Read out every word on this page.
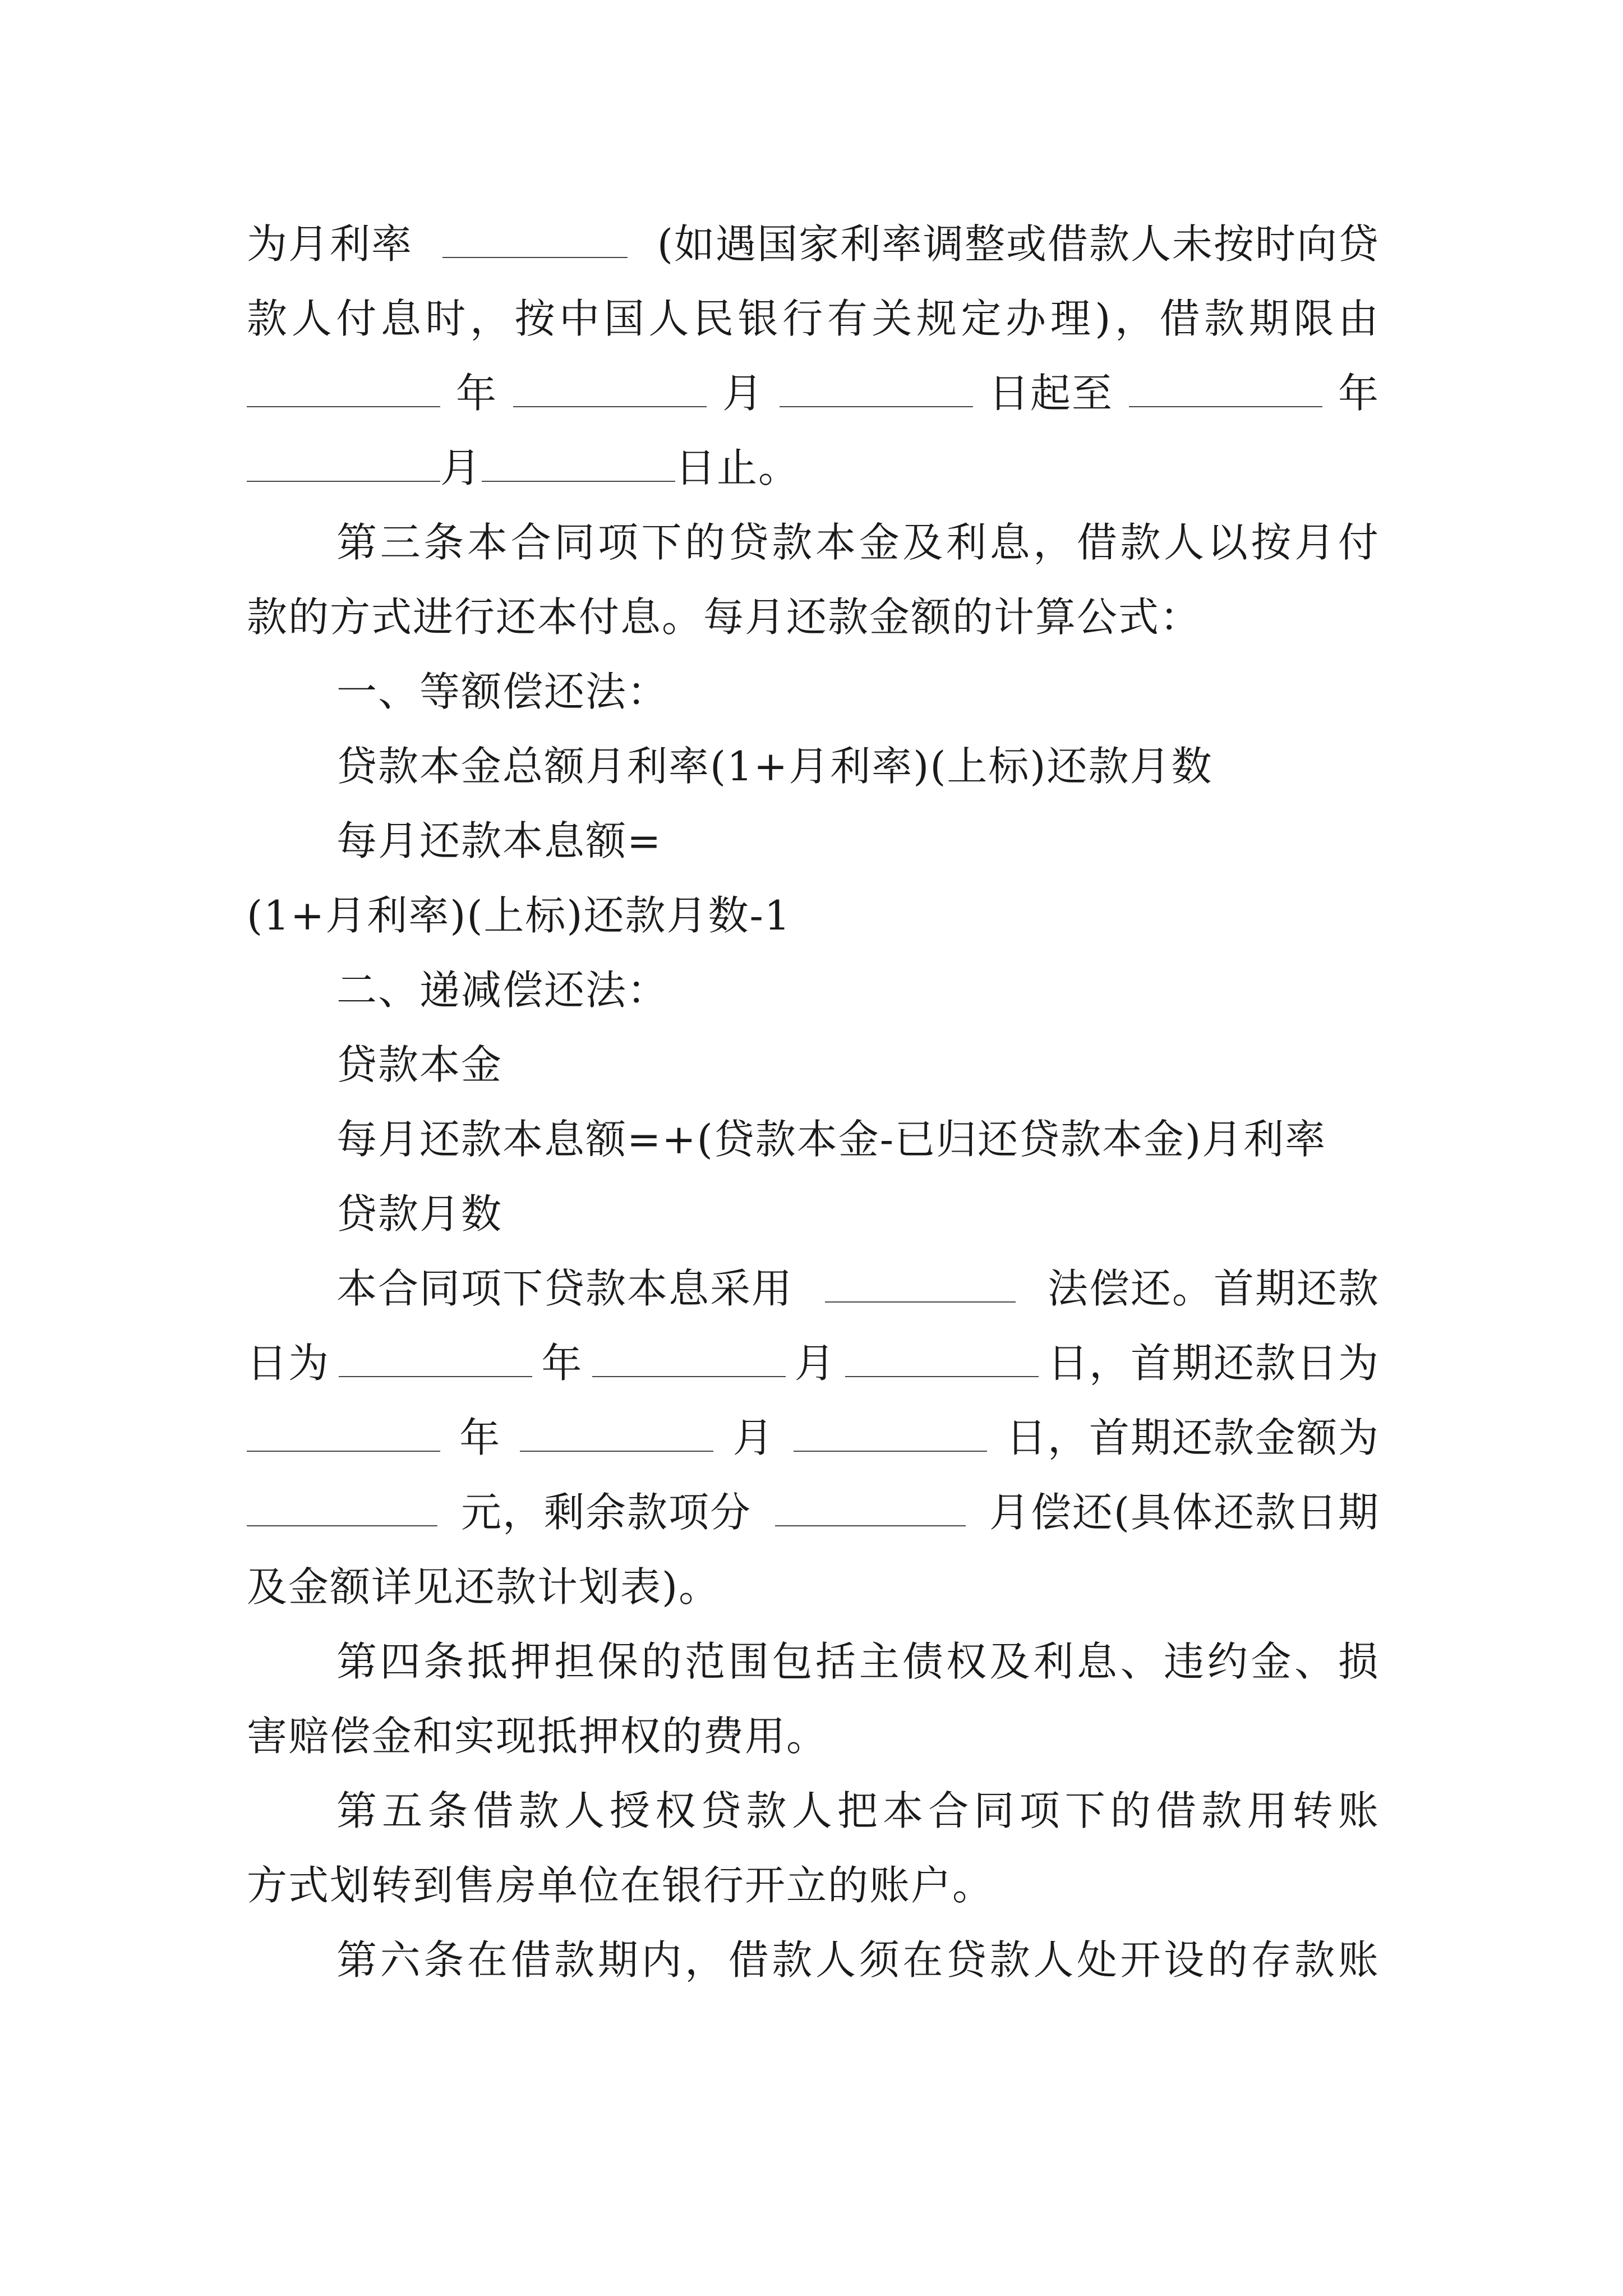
为月利率	(如遇国家利率调整或借款人未按时向贷
款 人 付 息 时 ， 按 中 国 人 民 银 行 有 关 规 定 办 理 ) ， 借 款 期 限 由
年	月	日起至	年
月	日止。
第 三 条 本 合 同 项 下 的 贷 款 本 金 及 利 息 ， 借 款 人 以 按 月 付
款的方式进行还本付息。每月还款金额的计算公式：
一、等额偿还法：
贷款本金总额月利率(1+月利率)(上标)还款月数
每月还款本息额=
(1+月利率)(上标)还款月数-1
二、递减偿还法：
贷款本金
每月还款本息额=+(贷款本金-已归还贷款本金)月利率
贷款月数
本合同项下贷款本息采用	法偿还。首期还款
日为	年	月	日，首期还款日为
年	月	日，首期还款金额为
元，剩余款项分	月偿还(具体还款日期
及金额详见还款计划表)。
第 四 条 抵 押 担 保 的 范 围 包 括 主 债 权 及 利 息 、 违 约 金 、 损
害赔偿金和实现抵押权的费用。
第 五 条 借 款 人 授 权 贷 款 人 把 本 合 同 项 下 的 借 款 用 转 账
方式划转到售房单位在银行开立的账户。
第 六 条 在 借 款 期 内 ， 借 款 人 须 在 贷 款 人 处 开 设 的 存 款 账
